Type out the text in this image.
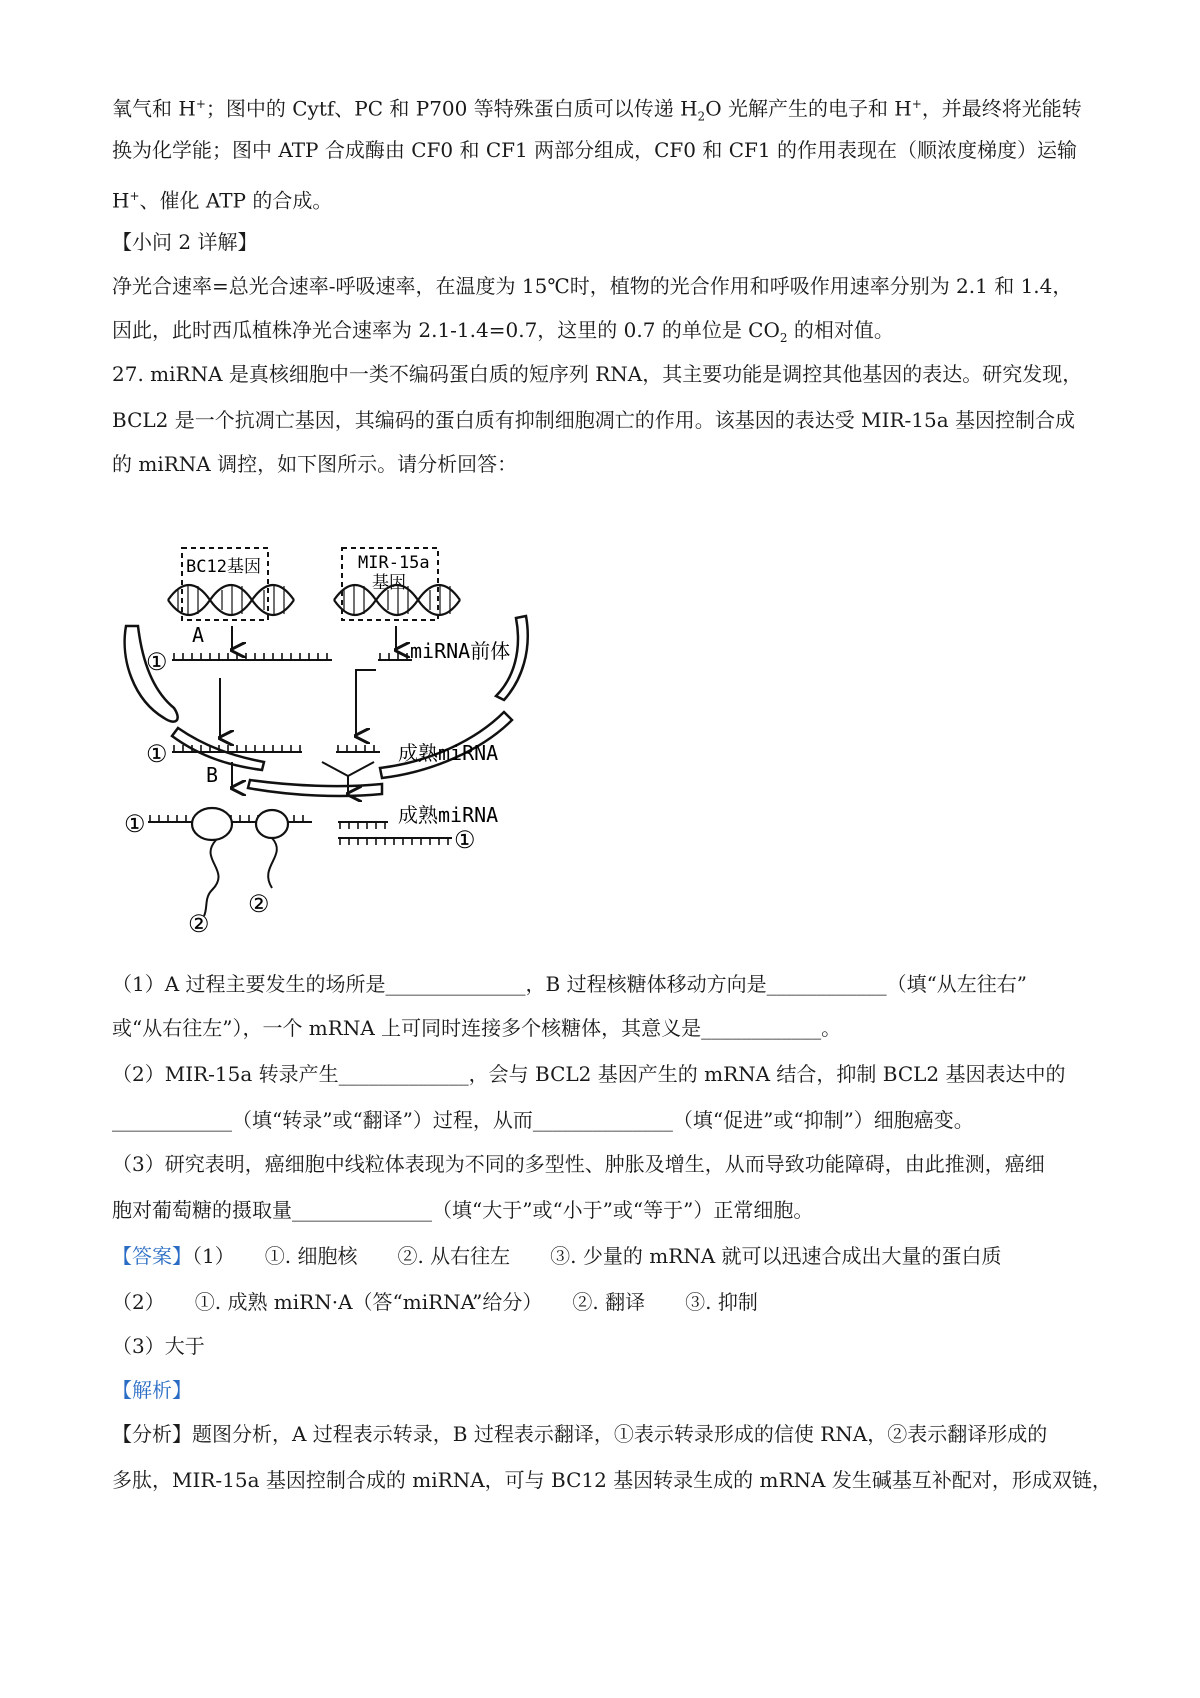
氧气和 H+；图中的 Cytf、PC 和 P700 等特殊蛋白质可以传递 $H_2O$ 光解产生的电子和 H+，并最终将光能转
换为化学能；图中 ATP 合成酶由 CF0 和 CF1 两部分组成，CF0 和 CF1 的作用表现在（顺浓度梯度）运输
H+、催化 ATP 的合成。
【小问 2 详解】
净光合速率=总光合速率-呼吸速率，在温度为 15℃时，植物的光合作用和呼吸作用速率分别为 2.1 和 1.4，
因此，此时西瓜植株净光合速率为 2.1-1.4=0.7，这里的 0.7 的单位是 $CO_2$ 的相对值。
27. miRNA 是真核细胞中一类不编码蛋白质的短序列 RNA，其主要功能是调控其他基因的表达。研究发现，
BCL2 是一个抗凋亡基因，其编码的蛋白质有抑制细胞凋亡的作用。该基因的表达受 MIR-15a 基因控制合成
的 miRNA 调控，如下图所示。请分析回答：
BC12基因	MIR-15a
基因
A
B
miRNA前体
成熟miRNA
成熟miRNA
①
①
①
①
②
②
（1）A 过程主要发生的场所是______________，B 过程核糖体移动方向是____________（填“从左往右”
或“从右往左”），一个 mRNA 上可同时连接多个核糖体，其意义是____________。
（2）MIR-15a 转录产生_____________，会与 BCL2 基因产生的 mRNA 结合，抑制 BCL2 基因表达中的
____________（填“转录”或“翻译”）过程，从而______________（填“促进”或“抑制”）细胞癌变。
（3）研究表明，癌细胞中线粒体表现为不同的多型性、肿胀及增生，从而导致功能障碍，由此推测，癌细
胞对葡萄糖的摄取量______________（填“大于”或“小于”或“等于”）正常细胞。
【答案】（1）　　①. 细胞核　　②. 从右往左　　③. 少量的 mRNA 就可以迅速合成出大量的蛋白质
（2）　　①. 成熟 miRN·A（答“miRNA”给分）　　②. 翻译　　③. 抑制
（3）大于
【解析】
【分析】题图分析，A 过程表示转录，B 过程表示翻译，①表示转录形成的信使 RNA，②表示翻译形成的
多肽，MIR-15a 基因控制合成的 miRNA，可与 BC12 基因转录生成的 mRNA 发生碱基互补配对，形成双链，
